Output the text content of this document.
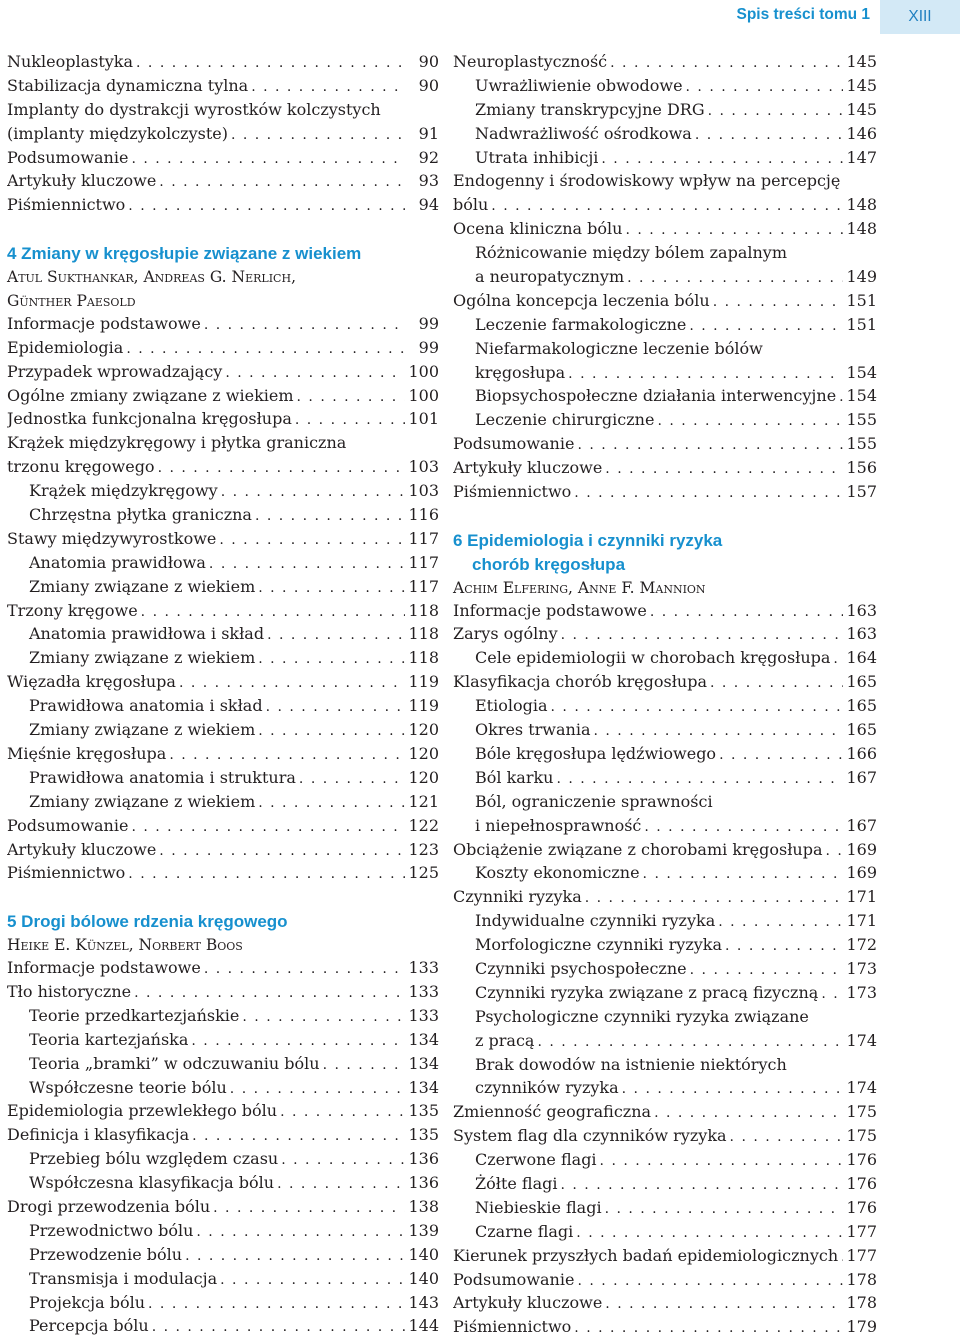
Spis treści tomu 1	XIII
Nukleoplastyka . . .	90
Stabilizacja dynamiczna tylna . . .	90
Implanty do dystrakcji wyrostków kolczystych
(implanty międzykolczyste) . . .	91
Podsumowanie . . .	92
Artykuły kluczowe . . .	93
Piśmiennictwo . . .	94
4 Zmiany w kręgosłupie związane z wiekiem
Atul Sukthankar, Andreas G. Nerlich,
Günther Paesold
Informacje podstawowe . . .	99
Epidemiologia . . .	99
Przypadek wprowadzający . . .	100
Ogólne zmiany związane z wiekiem . . .	100
Jednostka funkcjonalna kręgosłupa . . .	101
Krążek międzykręgowy i płytka graniczna
trzonu kręgowego . . .	103
Krążek międzykręgowy . . .	103
Chrzęstna płytka graniczna . . .	116
Stawy międzywyrostkowe . . .	117
Anatomia prawidłowa . . .	117
Zmiany związane z wiekiem . . .	117
Trzony kręgowe . . .	118
Anatomia prawidłowa i skład . . .	118
Zmiany związane z wiekiem . . .	118
Więzadła kręgosłupa . . .	119
Prawidłowa anatomia i skład . . .	119
Zmiany związane z wiekiem . . .	120
Mięśnie kręgosłupa . . .	120
Prawidłowa anatomia i struktura . . .	120
Zmiany związane z wiekiem . . .	121
Podsumowanie . . .	122
Artykuły kluczowe . . .	123
Piśmiennictwo . . .	125
5 Drogi bólowe rdzenia kręgowego
Heike E. Künzel, Norbert Boos
Informacje podstawowe . . .	133
Tło historyczne . . .	133
Teorie przedkartezjańskie . . .	133
Teoria kartezjańska . . .	134
Teoria „bramki” w odczuwaniu bólu . . .	134
Współczesne teorie bólu . . .	134
Epidemiologia przewlekłego bólu . . .	135
Definicja i klasyfikacja . . .	135
Przebieg bólu względem czasu . . .	136
Współczesna klasyfikacja bólu . . .	136
Drogi przewodzenia bólu . . .	138
Przewodnictwo bólu . . .	139
Przewodzenie bólu . . .	140
Transmisja i modulacja . . .	140
Projekcja bólu . . .	143
Percepcja bólu . . .	144
Neuroplastyczność . . .	145
Uwrażliwienie obwodowe . . .	145
Zmiany transkrypcyjne DRG . . .	145
Nadwrażliwość ośrodkowa . . .	146
Utrata inhibicji . . .	147
Endogenny i środowiskowy wpływ na percepcję
bólu . . .	148
Ocena kliniczna bólu . . .	148
Różnicowanie między bólem zapalnym
a neuropatycznym . . .	149
Ogólna koncepcja leczenia bólu . . .	151
Leczenie farmakologiczne . . .	151
Niefarmakologiczne leczenie bólów
kręgosłupa . . .	154
Biopsychospołeczne działania interwencyjne . . . 154
Leczenie chirurgiczne . . .	155
Podsumowanie . . .	155
Artykuły kluczowe . . .	156
Piśmiennictwo . . .	157
6 Epidemiologia i czynniki ryzyka
chorób kręgosłupa
Achim Elfering, Anne F. Mannion
Informacje podstawowe . . .	163
Zarys ogólny . . .	163
Cele epidemiologii w chorobach kręgosłupa . . . 164
Klasyfikacja chorób kręgosłupa . . .	165
Etiologia . . .	165
Okres trwania . . .	165
Bóle kręgosłupa lędźwiowego . . .	166
Ból karku . . .	167
Ból, ograniczenie sprawności
i niepełnosprawność . . .	167
Obciążenie związane z chorobami kręgosłupa . . . 169
Koszty ekonomiczne . . .	169
Czynniki ryzyka . . .	171
Indywidualne czynniki ryzyka . . .	171
Morfologiczne czynniki ryzyka . . .	172
Czynniki psychospołeczne . . .	173
Czynniki ryzyka związane z pracą fizyczną . . . 173
Psychologiczne czynniki ryzyka związane
z pracą . . .	174
Brak dowodów na istnienie niektórych
czynników ryzyka . . .	174
Zmienność geograficzna . . .	175
System flag dla czynników ryzyka . . .	175
Czerwone flagi . . .	176
Żółte flagi . . .	176
Niebieskie flagi . . .	176
Czarne flagi . . .	177
Kierunek przyszłych badań epidemiologicznych . . . 177
Podsumowanie . . .	178
Artykuły kluczowe . . .	178
Piśmiennictwo . . .	179
